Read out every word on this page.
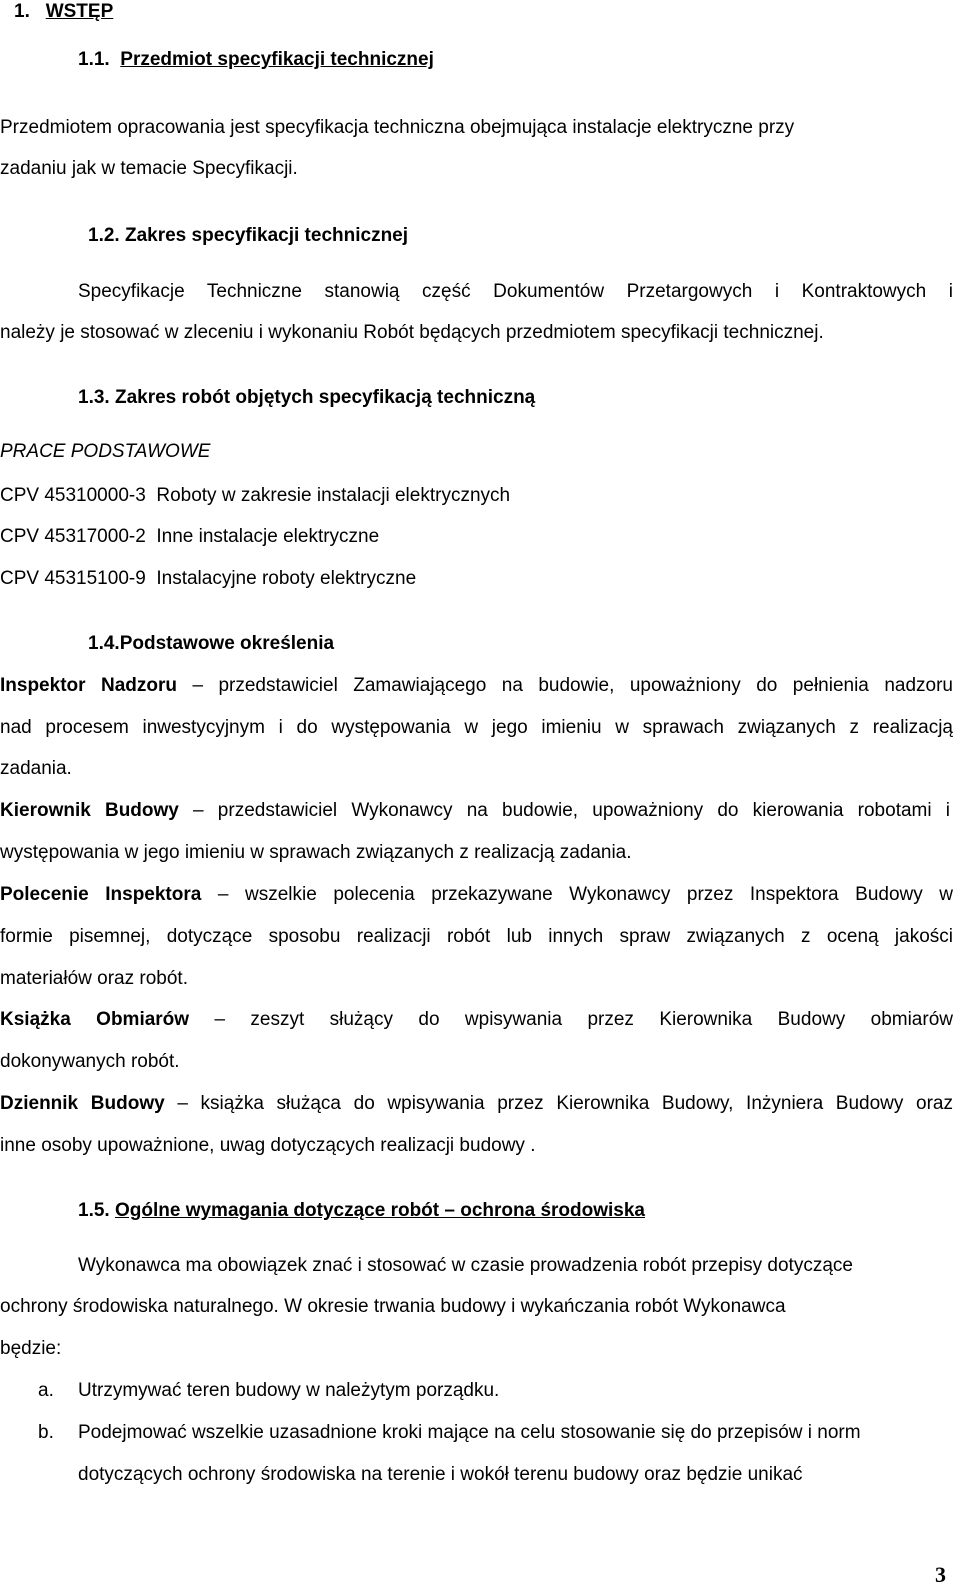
1. WSTĘP
1.1. Przedmiot specyfikacji technicznej
Przedmiotem opracowania jest specyfikacja techniczna obejmująca instalacje elektryczne przy
zadaniu jak w temacie Specyfikacji.
1.2. Zakres specyfikacji technicznej
Specyfikacje Techniczne stanowią część Dokumentów Przetargowych i Kontraktowych i
należy je stosować w zleceniu i wykonaniu Robót będących przedmiotem specyfikacji technicznej.
1.3. Zakres robót objętych specyfikacją techniczną
PRACE PODSTAWOWE
CPV 45310000-3 Roboty w zakresie instalacji elektrycznych
CPV 45317000-2 Inne instalacje elektryczne
CPV 45315100-9 Instalacyjne roboty elektryczne
1.4.Podstawowe określenia
Inspektor Nadzoru – przedstawiciel Zamawiającego na budowie, upoważniony do pełnienia nadzoru
nad procesem inwestycyjnym i do występowania w jego imieniu w sprawach związanych z realizacją
zadania.
Kierownik Budowy – przedstawiciel Wykonawcy na budowie, upoważniony do kierowania robotami i
występowania w jego imieniu w sprawach związanych z realizacją zadania.
Polecenie Inspektora – wszelkie polecenia przekazywane Wykonawcy przez Inspektora Budowy w
formie pisemnej, dotyczące sposobu realizacji robót lub innych spraw związanych z oceną jakości
materiałów oraz robót.
Książka Obmiarów – zeszyt służący do wpisywania przez Kierownika Budowy obmiarów
dokonywanych robót.
Dziennik Budowy – książka służąca do wpisywania przez Kierownika Budowy, Inżyniera Budowy oraz
inne osoby upoważnione, uwag dotyczących realizacji budowy .
1.5. Ogólne wymagania dotyczące robót – ochrona środowiska
Wykonawca ma obowiązek znać i stosować w czasie prowadzenia robót przepisy dotyczące
ochrony środowiska naturalnego. W okresie trwania budowy i wykańczania robót Wykonawca
będzie:
a. Utrzymywać teren budowy w należytym porządku.
b. Podejmować wszelkie uzasadnione kroki mające na celu stosowanie się do przepisów i norm
dotyczących ochrony środowiska na terenie i wokół terenu budowy oraz będzie unikać
3
